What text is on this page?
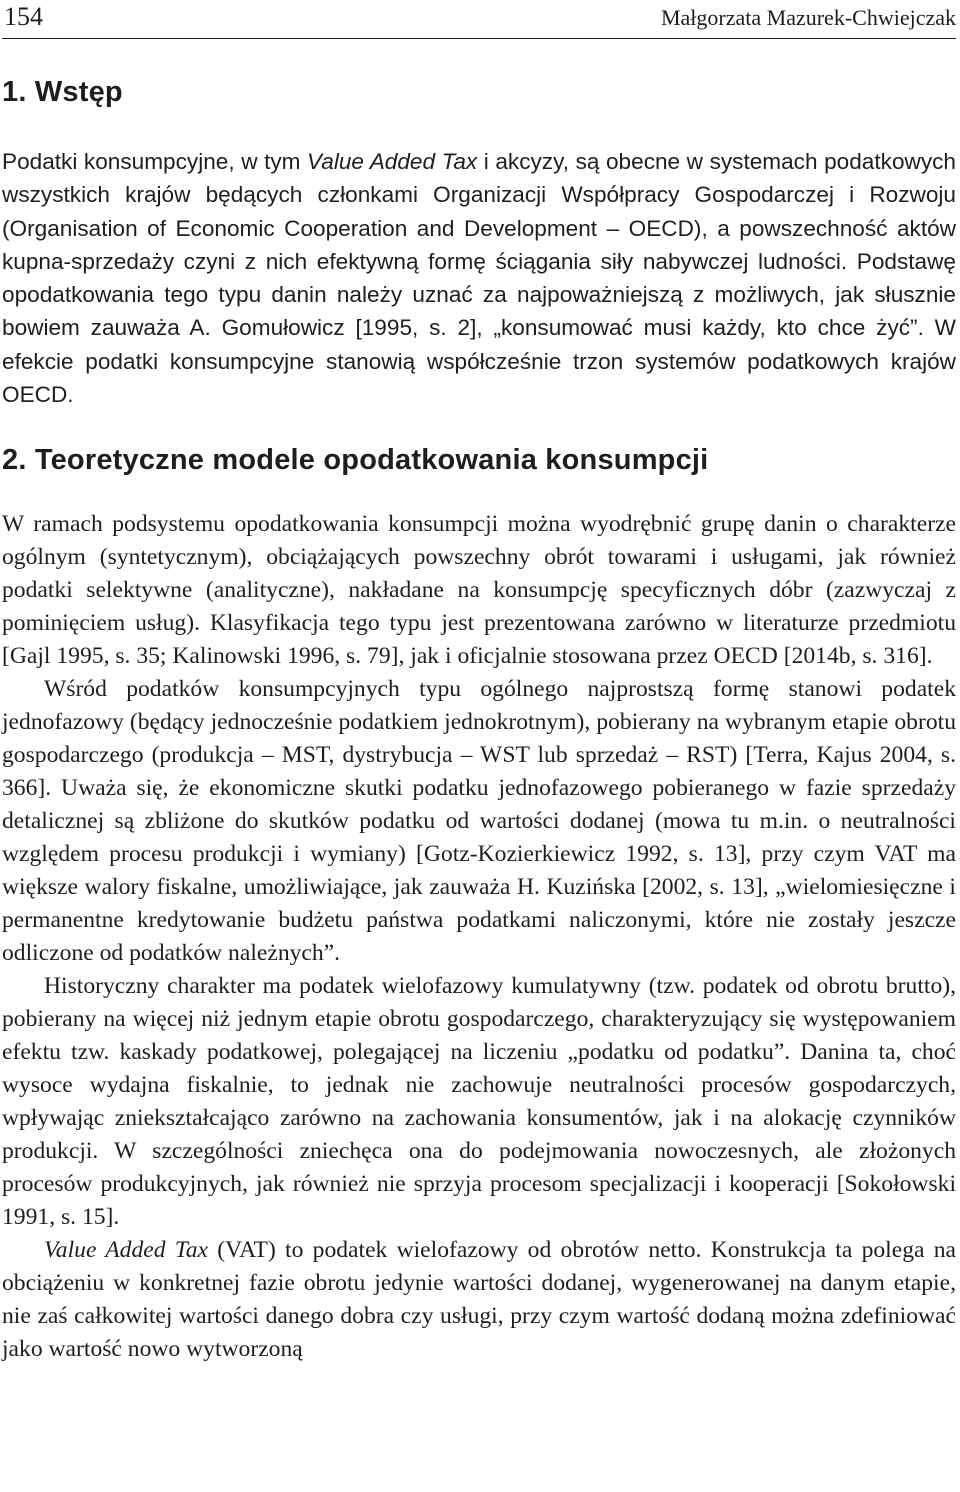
154	Małgorzata Mazurek-Chwiejczak
1. Wstęp

Podatki konsumpcyjne, w tym Value Added Tax i akcyzy, są obecne w systemach podatkowych wszystkich krajów będących członkami Organizacji Współpracy Gospodarczej i Rozwoju (Organisation of Economic Cooperation and Development – OECD), a powszechność aktów kupna-sprzedaży czyni z nich efektywną formę ściągania siły nabywczej ludności. Podstawę opodatkowania tego typu danin należy uznać za najpoważniejszą z możliwych, jak słusznie bowiem zauważa A. Gomułowicz [1995, s. 2], „konsumować musi każdy, kto chce żyć”. W efekcie podatki konsumpcyjne stanowią współcześnie trzon systemów podatkowych krajów OECD.

2. Teoretyczne modele opodatkowania konsumpcji

W ramach podsystemu opodatkowania konsumpcji można wyodrębnić grupę danin o charakterze ogólnym (syntetycznym), obciążających powszechny obrót towarami i usługami, jak również podatki selektywne (analityczne), nakładane na konsumpcję specyficznych dóbr (zazwyczaj z pominięciem usług). Klasyfikacja tego typu jest prezentowana zarówno w literaturze przedmiotu [Gajl 1995, s. 35; Kalinowski 1996, s. 79], jak i oficjalnie stosowana przez OECD [2014b, s. 316].

Wśród podatków konsumpcyjnych typu ogólnego najprostszą formę stanowi podatek jednofazowy (będący jednocześnie podatkiem jednokrotnym), pobierany na wybranym etapie obrotu gospodarczego (produkcja – MST, dystrybucja – WST lub sprzedaż – RST) [Terra, Kajus 2004, s. 366]. Uważa się, że ekonomiczne skutki podatku jednofazowego pobieranego w fazie sprzedaży detalicznej są zbliżone do skutków podatku od wartości dodanej (mowa tu m.in. o neutralności względem procesu produkcji i wymiany) [Gotz-Kozierkiewicz 1992, s. 13], przy czym VAT ma większe walory fiskalne, umożliwiające, jak zauważa H. Kuzińska [2002, s. 13], „wielomiesięczne i permanentne kredytowanie budżetu państwa podatkami naliczonymi, które nie zostały jeszcze odliczone od podatków należnych”.

Historyczny charakter ma podatek wielofazowy kumulatywny (tzw. podatek od obrotu brutto), pobierany na więcej niż jednym etapie obrotu gospodarczego, charakteryzujący się występowaniem efektu tzw. kaskady podatkowej, polegającej na liczeniu „podatku od podatku”. Danina ta, choć wysoce wydajna fiskalnie, to jednak nie zachowuje neutralności procesów gospodarczych, wpływając zniekształcająco zarówno na zachowania konsumentów, jak i na alokację czynników produkcji. W szczególności zniechęca ona do podejmowania nowoczesnych, ale złożonych procesów produkcyjnych, jak również nie sprzyja procesom specjalizacji i kooperacji [Sokołowski 1991, s. 15].

Value Added Tax (VAT) to podatek wielofazowy od obrotów netto. Konstrukcja ta polega na obciążeniu w konkretnej fazie obrotu jedynie wartości dodanej, wygenerowanej na danym etapie, nie zaś całkowitej wartości danego dobra czy usługi, przy czym wartość dodaną można zdefiniować jako wartość nowo wytworzoną
